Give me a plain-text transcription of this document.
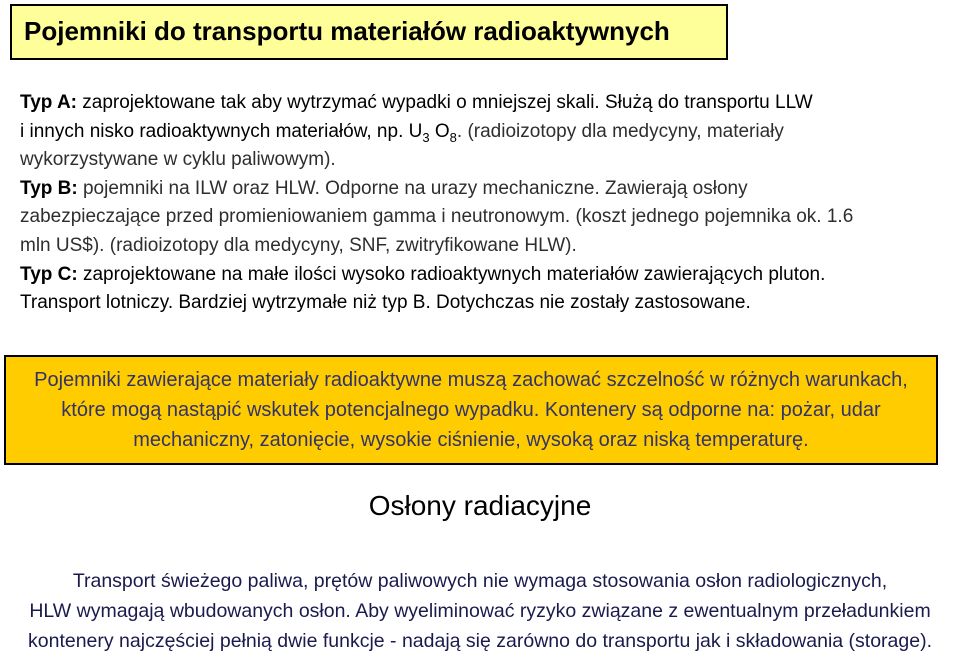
Pojemniki do transportu materiałów radioaktywnych
Typ A: zaprojektowane tak aby wytrzymać wypadki o mniejszej skali. Służą do transportu LLW
i innych nisko radioaktywnych materiałów, np. $U_3$ $O_8$. (radioizotopy dla medycyny, materiały
wykorzystywane w cyklu paliwowym).
Typ B: pojemniki na ILW oraz HLW. Odporne na urazy mechaniczne. Zawierają osłony
zabezpieczające przed promieniowaniem gamma i neutronowym. (koszt jednego pojemnika ok. 1.6
mln US$). (radioizotopy dla medycyny, SNF, zwitryfikowane HLW).
Typ C: zaprojektowane na małe ilości wysoko radioaktywnych materiałów zawierających pluton.
Transport lotniczy. Bardziej wytrzymałe niż typ B. Dotychczas nie zostały zastosowane.
Pojemniki zawierające materiały radioaktywne muszą zachować szczelność w różnych warunkach,
które mogą nastąpić wskutek potencjalnego wypadku. Kontenery są odporne na: pożar, udar
mechaniczny, zatonięcie, wysokie ciśnienie, wysoką oraz niską temperaturę.
Osłony radiacyjne
Transport świeżego paliwa, prętów paliwowych nie wymaga stosowania osłon radiologicznych,
HLW wymagają wbudowanych osłon. Aby wyeliminować ryzyko związane z ewentualnym przeładunkiem
kontenery najczęściej pełnią dwie funkcje - nadają się zarówno do transportu jak i składowania (storage).
